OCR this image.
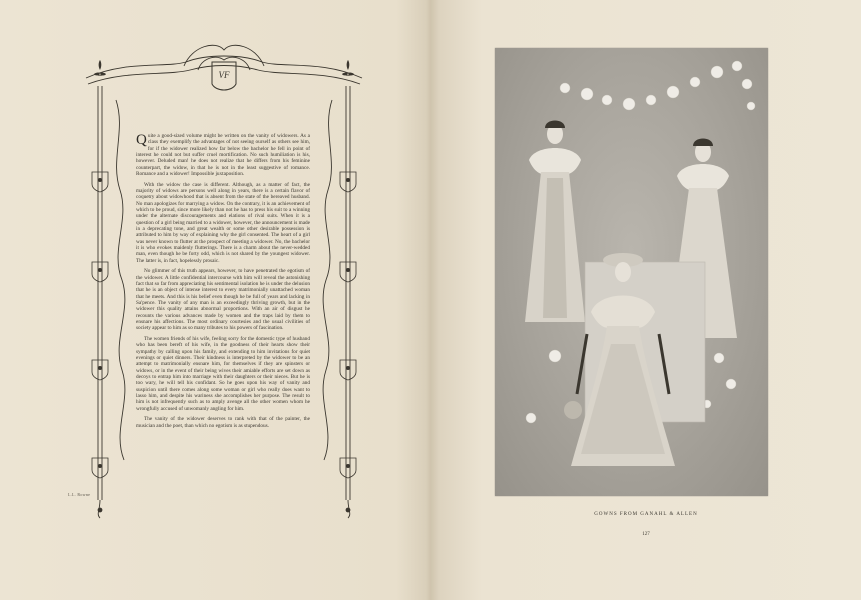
VF

Quite a good-sized volume might be written on the vanity of widowers. As a class they exemplify the advantages of not seeing ourself as others see him, for if the widower realized how far below the bachelor he fell in point of interest he could not but suffer cruel mortification. No such humiliation is his, however. Deluded man! he does not realize that he differs from his feminine counterpart, the widow, in that he is not in the least suggestive of romance. Romance and a widower! Impossible juxtaposition.

With the widow the case is different. Although, as a matter of fact, the majority of widows are persons well along in years, there is a certain flavor of coquetry about widowhood that is absent from the state of the bereaved husband. No man apologizes for marrying a widow. On the contrary, it is an achievement of which to be proud, since more likely than not he has to press his suit to a winning under the alternate discouragements and elations of rival suits. When it is a question of a girl being married to a widower, however, the announcement is made in a deprecating tone, and great wealth or some other desirable possession is attributed to him by way of explaining why the girl consented. The heart of a girl was never known to flutter at the prospect of meeting a widower. No, the bachelor it is who evokes maidenly flutterings. There is a charm about the never-wedded man, even though he be forty odd, which is not shared by the youngest widower. The latter is, in fact, hopelessly prosaic.

No glimmer of this truth appears, however, to have penetrated the egotism of the widower. A little confidential intercourse with him will reveal the astonishing fact that so far from appreciating his sentimental isolation he is under the delusion that he is an object of intense interest to every matrimonially unattached woman that he meets. And this is his belief even though he be full of years and lacking in Sa'pence. The vanity of any man is an exceedingly thriving growth, but in the widower this quality attains abnormal proportions. With an air of disgust he recounts the various advances made by women and the traps laid by them to ensnare his affections. The most ordinary courtesies and the usual civilities of society appear to him as so many tributes to his powers of fascination.

The women friends of his wife, feeling sorry for the domestic type of husband who has been bereft of his wife, in the goodness of their hearts show their sympathy by calling upon his family, and extending to him invitations for quiet evenings or quiet dinners. Their kindness is interpreted by the widower to be an attempt to matrimonially ensnare him, for themselves if they are spinsters or widows, or in the event of their being wives their amiable efforts are set down as decoys to entrap him into marriage with their daughters or their nieces. But he is too wary, he will tell his confidant. So he goes upon his way of vanity and suspicion until there comes along some woman or girl who really does want to lasso him, and despite his wariness she accomplishes her purpose. The result to him is not infrequently such as to amply avenge all the other women whom he wrongfully accused of unwomanly angling for him.

The vanity of the widower deserves to rank with that of the painter, the musician and the poet, than which no egotism is as stupendous.

L.L. Rowne
GOWNS FROM GANAHL & ALLEN
127
